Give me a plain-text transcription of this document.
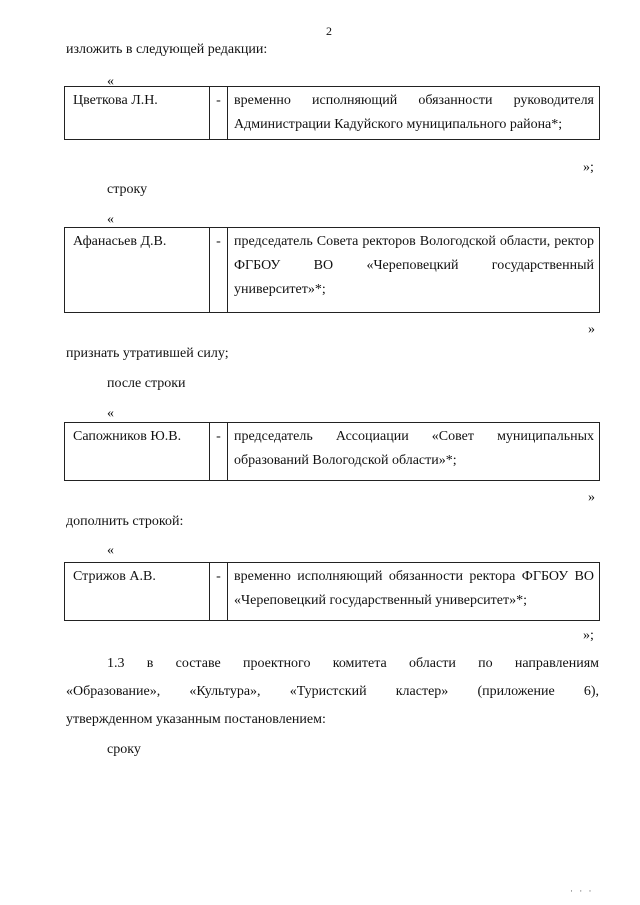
2
изложить в следующей редакции:
«
Цветкова Л.Н.	-	временно исполняющий обязанности руководителя Администрации Кадуйского муниципального района*;
»;
строку
«
Афанасьев Д.В.	-	председатель Совета ректоров Вологодской области, ректор ФГБОУ ВО «Череповецкий государственный университет»*;
»
признать утратившей силу;
после строки
«
Сапожников Ю.В.	-	председатель Ассоциации «Совет муниципальных образований Вологодской области»*;
»
дополнить строкой:
«
Стрижов А.В.	-	временно исполняющий обязанности ректора ФГБОУ ВО «Череповецкий государственный университет»*;
»;
1.3 в составе проектного комитета области по направлениям
«Образование», «Культура», «Туристский кластер» (приложение 6),
утвержденном указанным постановлением:
сроку
· · ·
